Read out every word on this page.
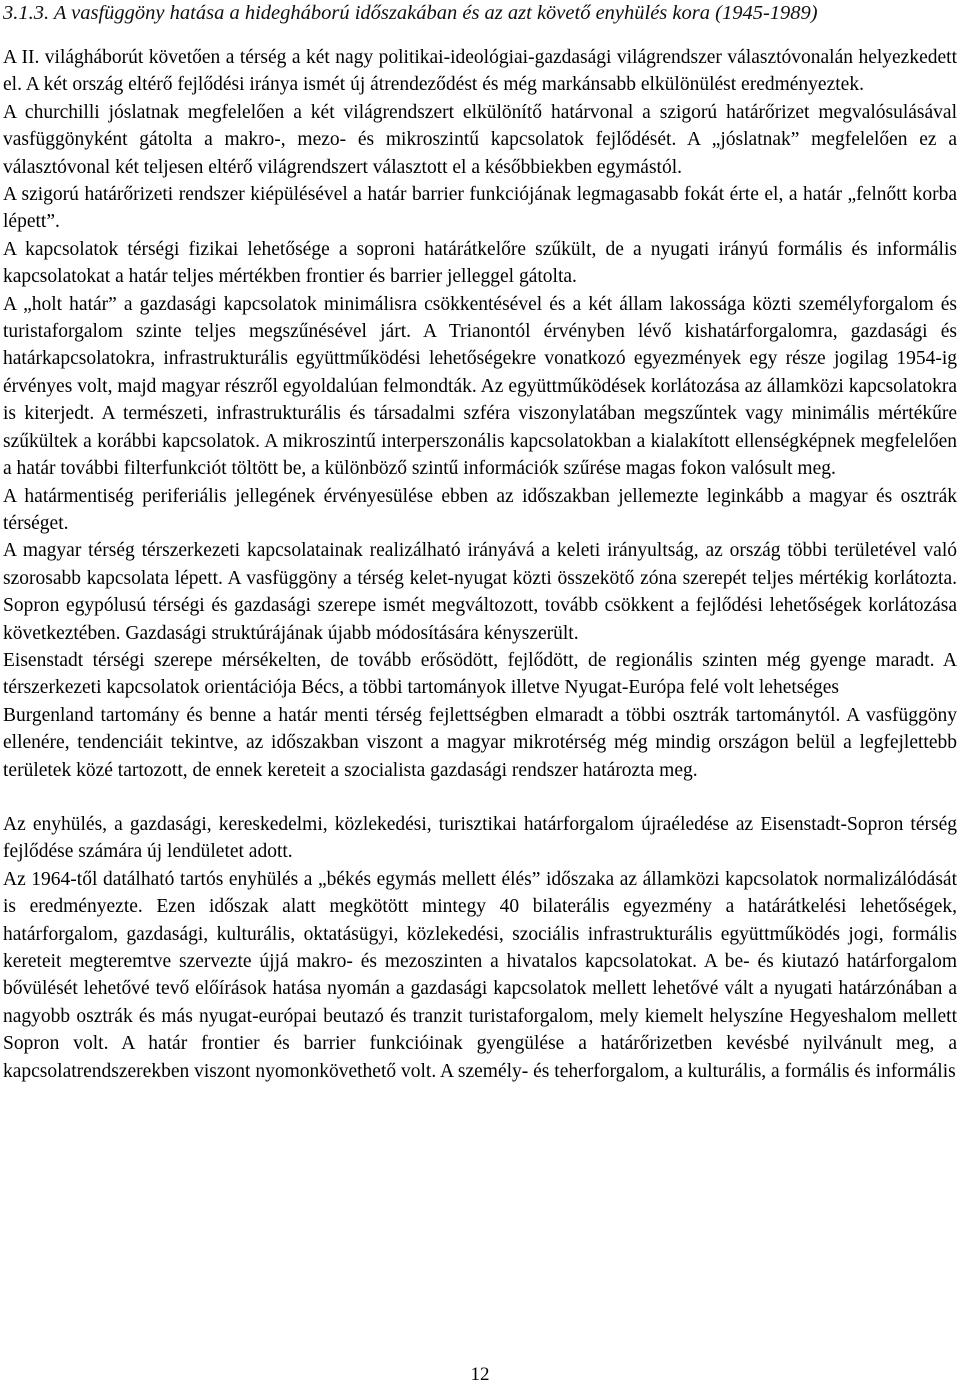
3.1.3. A vasfüggöny hatása a hidegháború időszakában és az azt követő enyhülés kora (1945-1989)

A II. világháborút követően a térség a két nagy politikai-ideológiai-gazdasági világrendszer választóvonalán helyezkedett el. A két ország eltérő fejlődési iránya ismét új átrendeződést és még markánsabb elkülönülést eredményeztek.

A churchilli jóslatnak megfelelően a két világrendszert elkülönítő határvonal a szigorú határőrizet megvalósulásával vasfüggönyként gátolta a makro-, mezo- és mikroszintű kapcsolatok fejlődését. A „jóslatnak” megfelelően ez a választóvonal két teljesen eltérő világrendszert választott el a későbbiekben egymástól.

A szigorú határőrizeti rendszer kiépülésével a határ barrier funkciójának legmagasabb fokát érte el, a határ „felnőtt korba lépett”.

A kapcsolatok térségi fizikai lehetősége a soproni határátkelőre szűkült, de a nyugati irányú formális és informális kapcsolatokat a határ teljes mértékben frontier és barrier jelleggel gátolta.

A „holt határ” a gazdasági kapcsolatok minimálisra csökkentésével és a két állam lakossága közti személyforgalom és turistaforgalom szinte teljes megszűnésével járt. A Trianontól érvényben lévő kishatárforgalomra, gazdasági és határkapcsolatokra, infrastrukturális együttműködési lehetőségekre vonatkozó egyezmények egy része jogilag 1954-ig érvényes volt, majd magyar részről egyoldalúan felmondták. Az együttműködések korlátozása az államközi kapcsolatokra is kiterjedt. A természeti, infrastrukturális és társadalmi szféra viszonylatában megszűntek vagy minimális mértékűre szűkültek a korábbi kapcsolatok. A mikroszintű interperszonális kapcsolatokban a kialakított ellenségképnek megfelelően a határ további filterfunkciót töltött be, a különböző szintű információk szűrése magas fokon valósult meg.

A határmentiség periferiális jellegének érvényesülése ebben az időszakban jellemezte leginkább a magyar és osztrák térséget.

A magyar térség térszerkezeti kapcsolatainak realizálható irányává a keleti irányultság, az ország többi területével való szorosabb kapcsolata lépett. A vasfüggöny a térség kelet-nyugat közti összekötő zóna szerepét teljes mértékig korlátozta. Sopron egypólusú térségi és gazdasági szerepe ismét megváltozott, tovább csökkent a fejlődési lehetőségek korlátozása következtében. Gazdasági struktúrájának újabb módosítására kényszerült.

Eisenstadt térségi szerepe mérsékelten, de tovább erősödött, fejlődött, de regionális szinten még gyenge maradt. A térszerkezeti kapcsolatok orientációja Bécs, a többi tartományok illetve Nyugat-Európa felé volt lehetséges

Burgenland tartomány és benne a határ menti térség fejlettségben elmaradt a többi osztrák tartománytól. A vasfüggöny ellenére, tendenciáit tekintve, az időszakban viszont a magyar mikrotérség még mindig országon belül a legfejlettebb területek közé tartozott, de ennek kereteit a szocialista gazdasági rendszer határozta meg.

Az enyhülés, a gazdasági, kereskedelmi, közlekedési, turisztikai határforgalom újraéledése az Eisenstadt-Sopron térség fejlődése számára új lendületet adott.

Az 1964-től datálható tartós enyhülés a „békés egymás mellett élés” időszaka az államközi kapcsolatok normalizálódását is eredményezte. Ezen időszak alatt megkötött mintegy 40 bilaterális egyezmény a határátkelési lehetőségek, határforgalom, gazdasági, kulturális, oktatásügyi, közlekedési, szociális infrastrukturális együttműködés jogi, formális kereteit megteremtve szervezte újjá makro- és mezoszinten a hivatalos kapcsolatokat. A be- és kiutazó határforgalom bővülését lehetővé tevő előírások hatása nyomán a gazdasági kapcsolatok mellett lehetővé vált a nyugati határzónában a nagyobb osztrák és más nyugat-európai beutazó és tranzit turistaforgalom, mely kiemelt helyszíne Hegyeshalom mellett Sopron volt. A határ frontier és barrier funkcióinak gyengülése a határőrizetben kevésbé nyilvánult meg, a kapcsolatrendszerekben viszont nyomonkövethető volt. A személy- és teherforgalom, a kulturális, a formális és informális

12
